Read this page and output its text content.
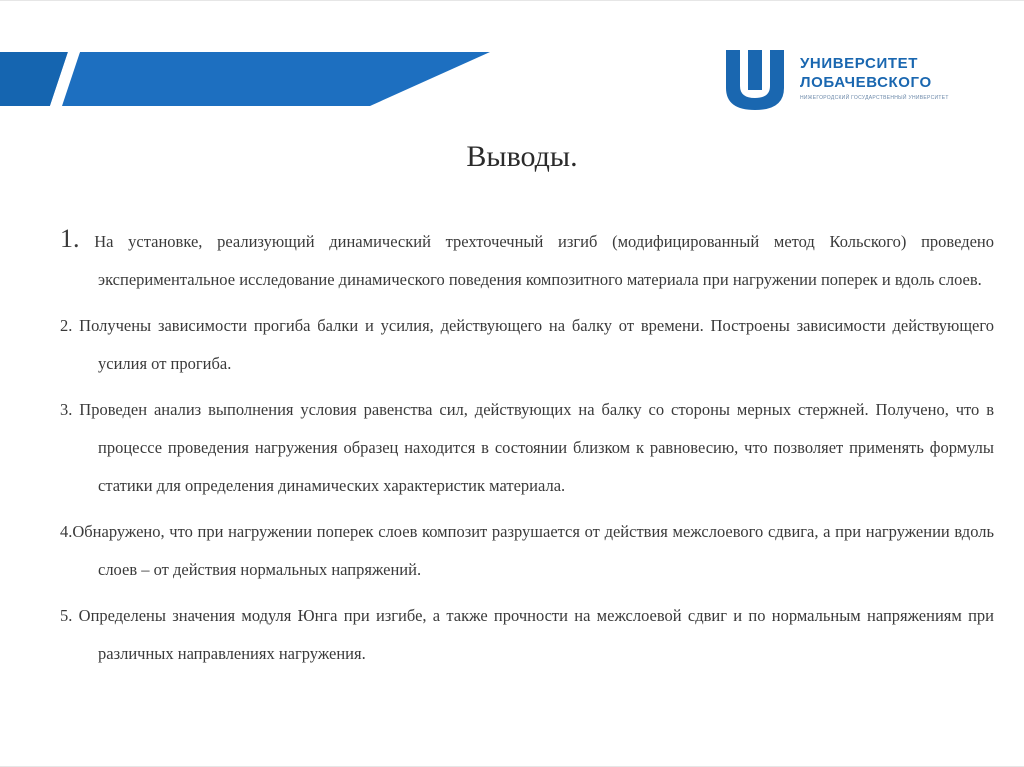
УНИВЕРСИТЕТ
ЛОБАЧЕВСКОГО
НИЖЕГОРОДСКИЙ ГОСУДАРСТВЕННЫЙ УНИВЕРСИТЕТ
Выводы.
1. На установке, реализующий динамический трехточечный изгиб (модифицированный метод Кольского) проведено экспериментальное исследование динамического поведения композитного материала при нагружении поперек и вдоль слоев.
2. Получены зависимости прогиба балки и усилия, действующего на балку от времени. Построены зависимости действующего усилия от прогиба.
3. Проведен анализ выполнения условия равенства сил, действующих на балку со стороны мерных стержней. Получено, что в процессе проведения нагружения образец находится в состоянии близком к равновесию, что позволяет применять формулы статики для определения динамических характеристик материала.
4.Обнаружено, что при нагружении поперек слоев композит разрушается от действия межслоевого сдвига, а при нагружении вдоль слоев – от действия нормальных напряжений.
5. Определены значения модуля Юнга при изгибе, а также прочности на межслоевой сдвиг и по нормальным напряжениям при различных направлениях нагружения.
